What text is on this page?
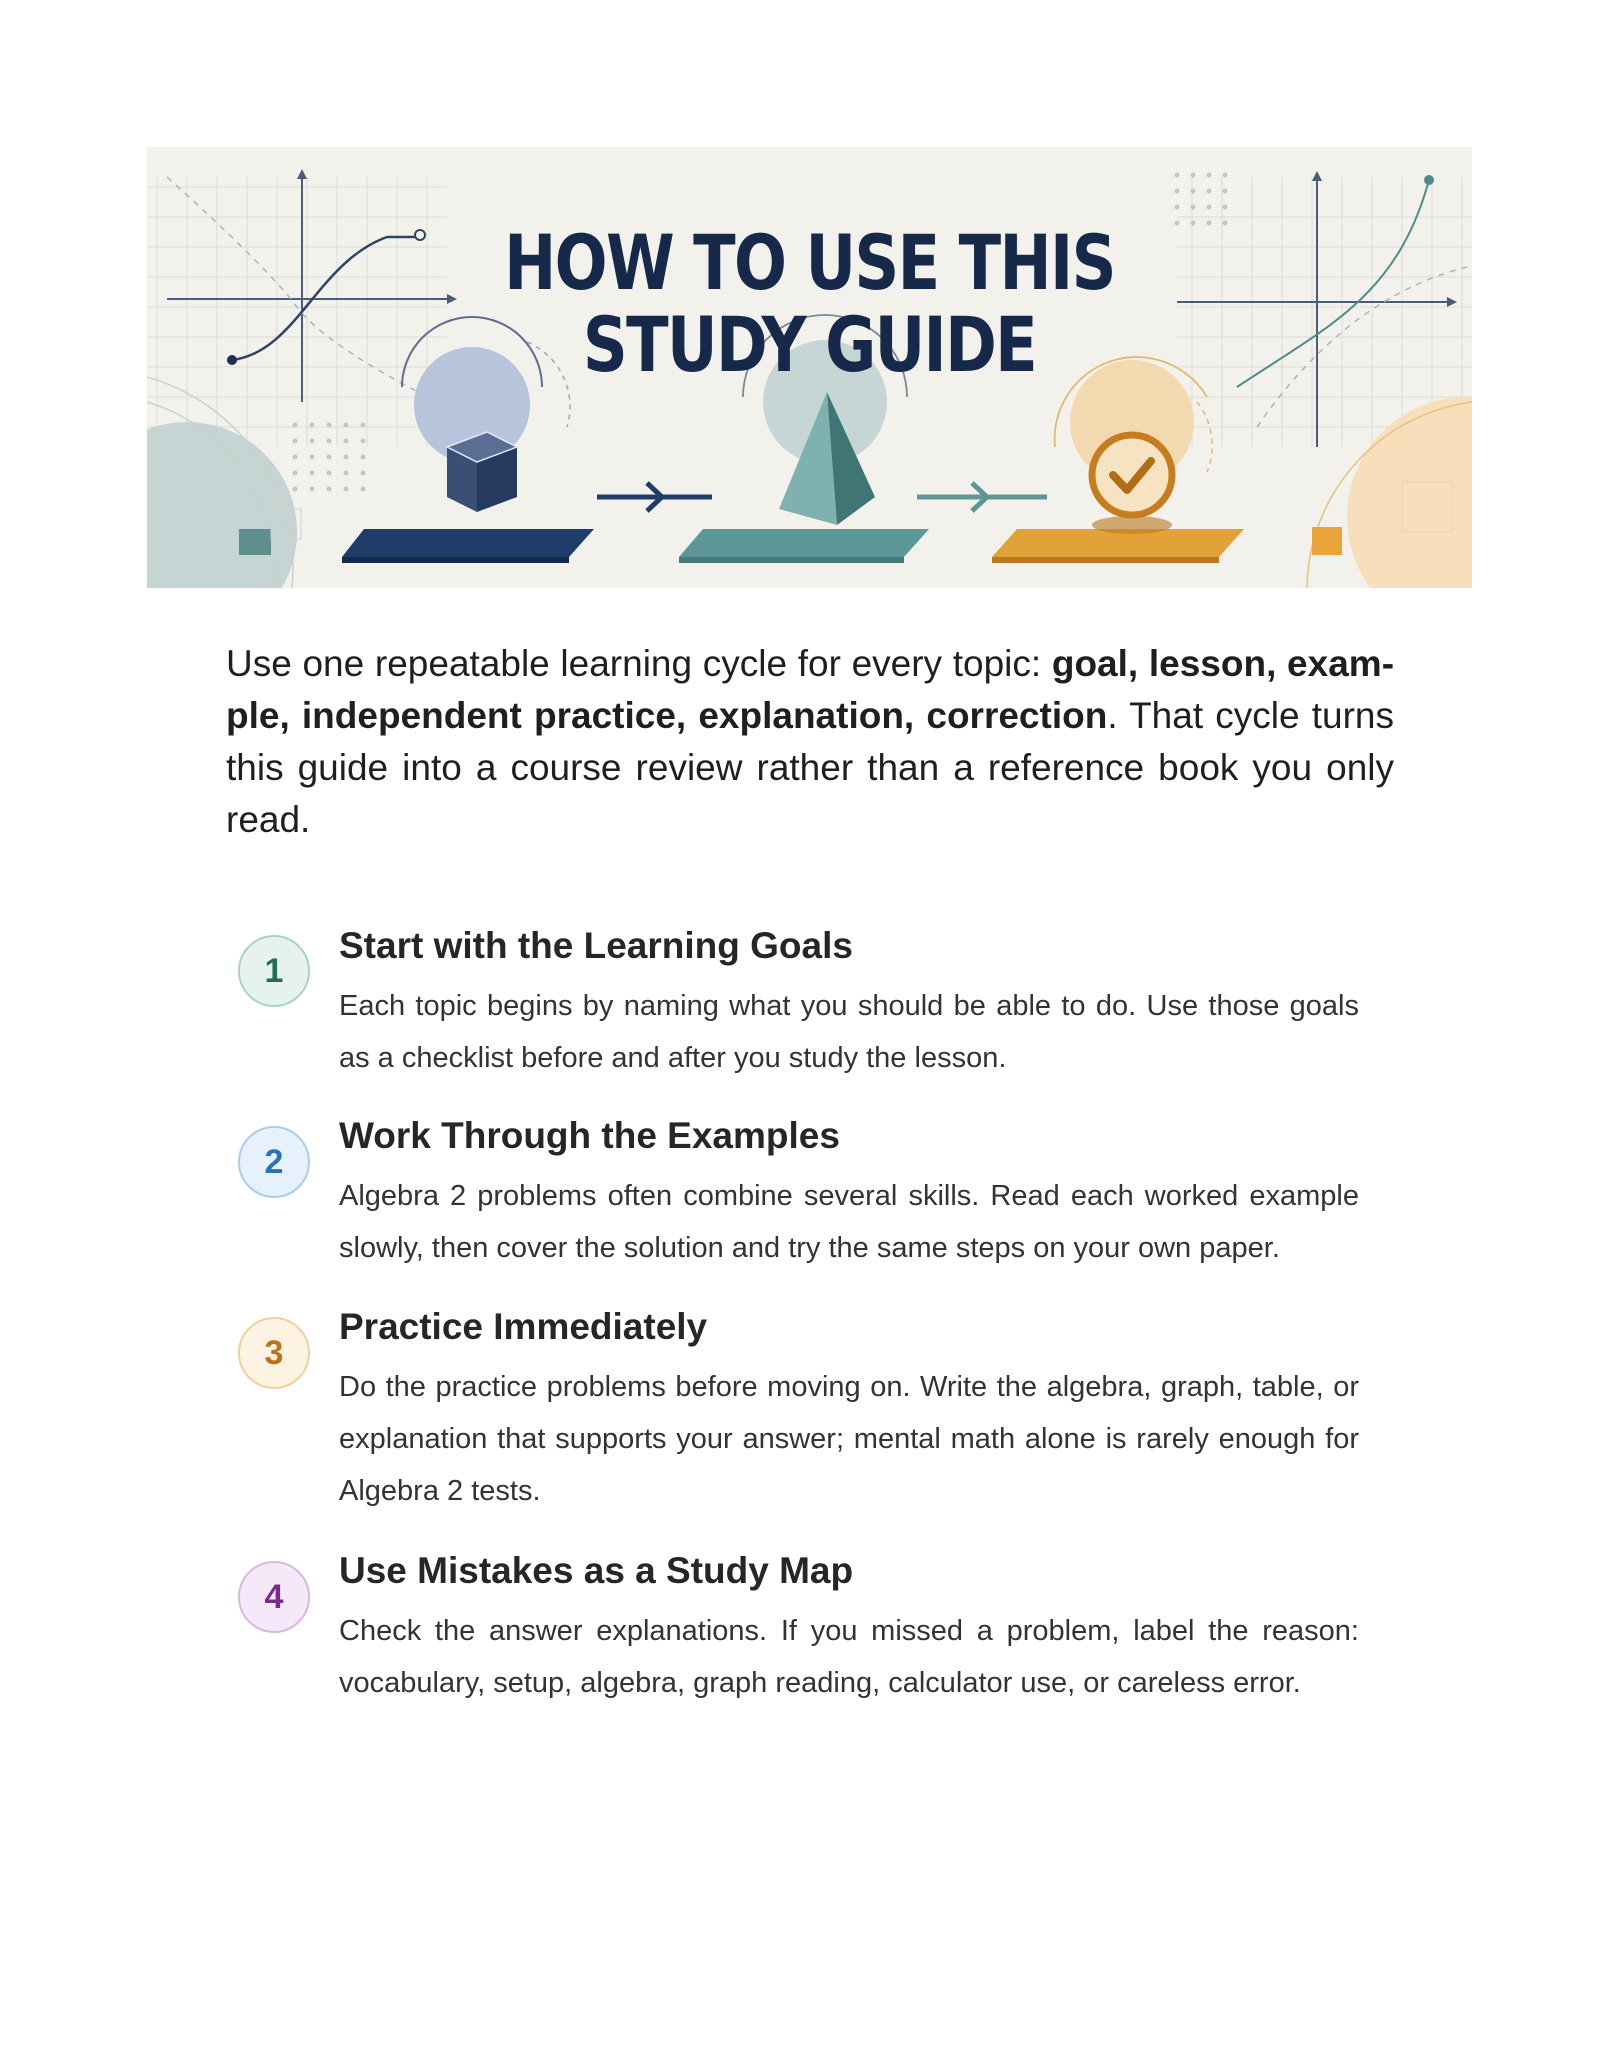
HOW TO USE THIS
STUDY GUIDE

Use one repeatable learning cycle for every topic: goal, lesson, example, independent practice, explanation, correction. That cycle turns this guide into a course review rather than a reference book you only read.

1
Start with the Learning Goals
Each topic begins by naming what you should be able to do. Use those goals as a checklist before and after you study the lesson.
2
Work Through the Examples
Algebra 2 problems often combine several skills. Read each worked example slowly, then cover the solution and try the same steps on your own paper.
3
Practice Immediately
Do the practice problems before moving on. Write the algebra, graph, table, or explanation that supports your answer; mental math alone is rarely enough for Algebra 2 tests.
4
Use Mistakes as a Study Map
Check the answer explanations. If you missed a problem, label the reason: vocabulary, setup, algebra, graph reading, calculator use, or careless error.
